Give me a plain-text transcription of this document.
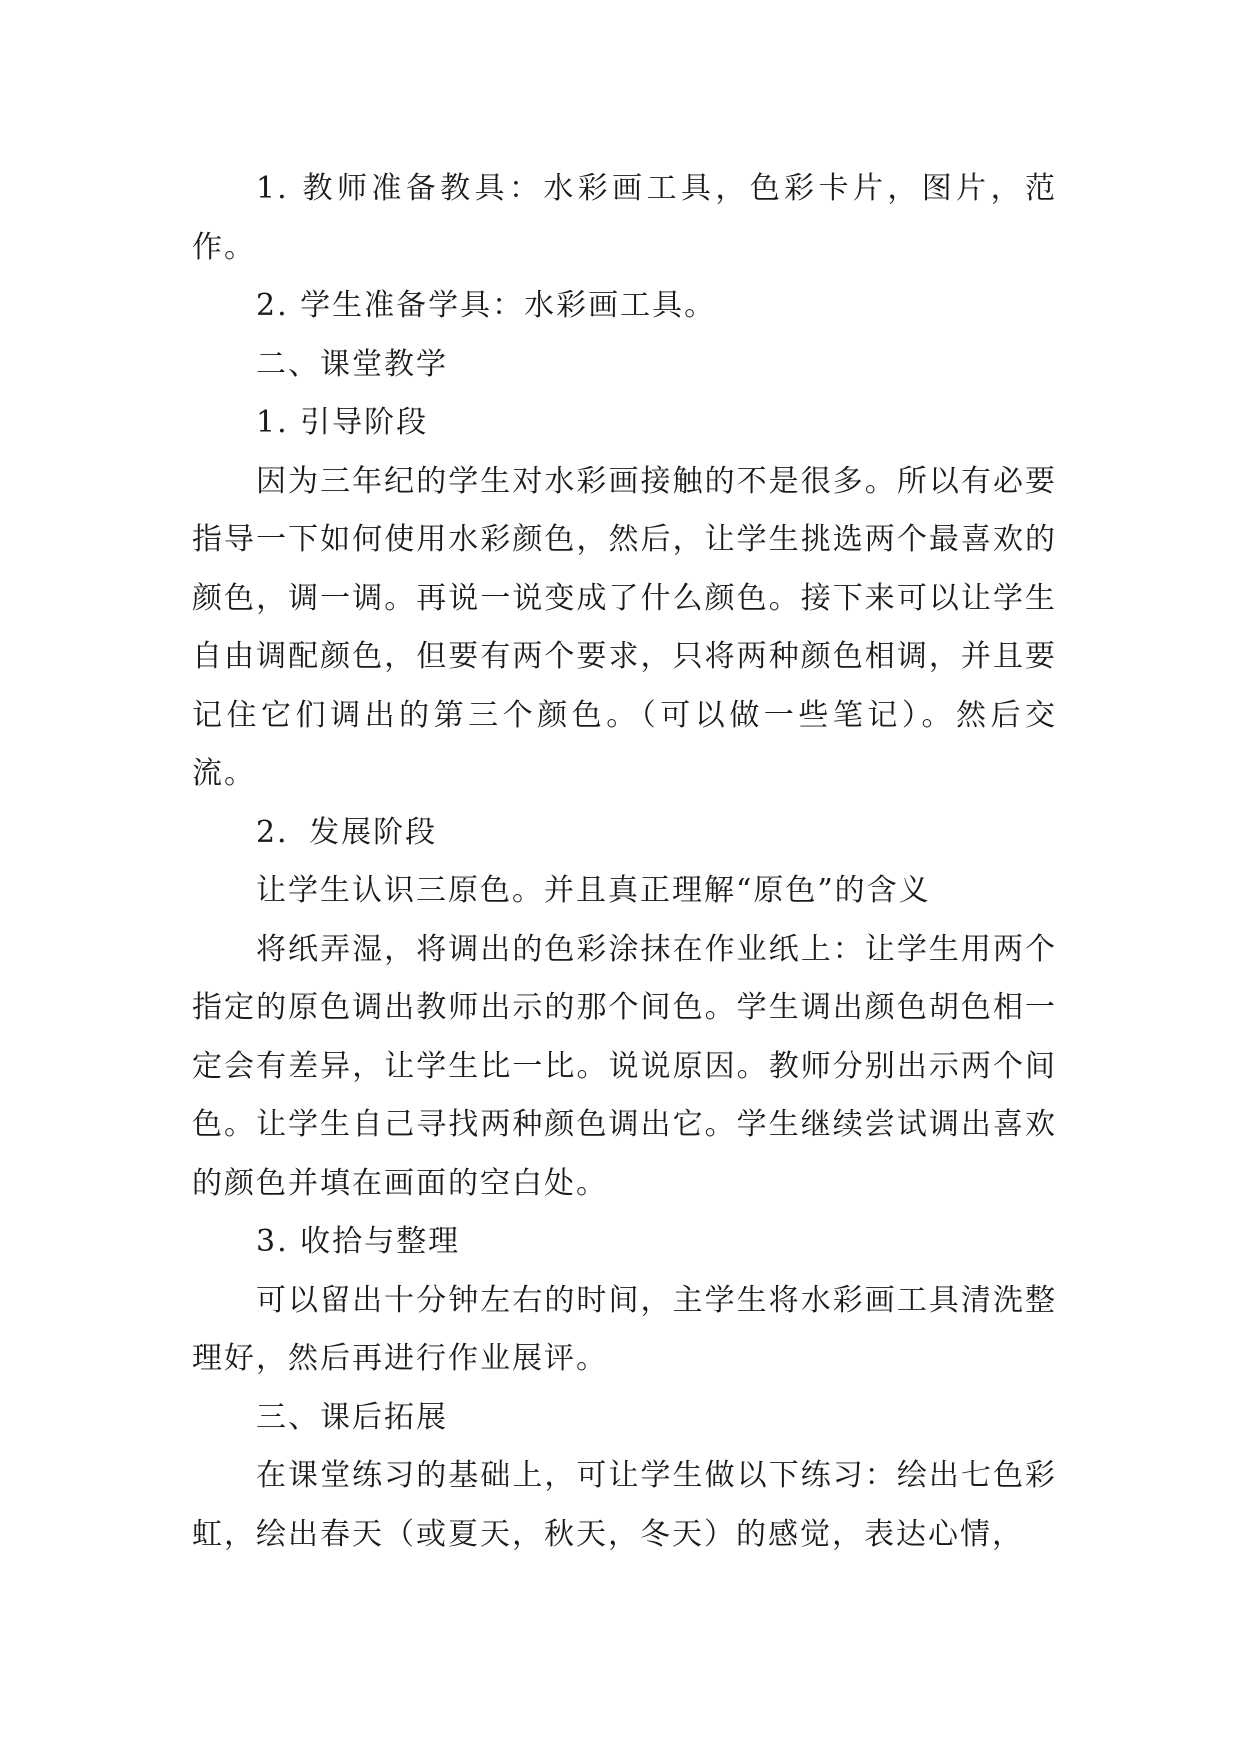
1. 教师准备教具：水彩画工具，色彩卡片，图片，范作。

2. 学生准备学具：水彩画工具。

二、课堂教学

1. 引导阶段

因为三年纪的学生对水彩画接触的不是很多。所以有必要指导一下如何使用水彩颜色，然后，让学生挑选两个最喜欢的颜色，调一调。再说一说变成了什么颜色。接下来可以让学生自由调配颜色，但要有两个要求，只将两种颜色相调，并且要记住它们调出的第三个颜色。（可以做一些笔记）。然后交流。

2．发展阶段

让学生认识三原色。并且真正理解“原色”的含义

将纸弄湿，将调出的色彩涂抹在作业纸上：让学生用两个指定的原色调出教师出示的那个间色。学生调出颜色胡色相一定会有差异，让学生比一比。说说原因。教师分别出示两个间色。让学生自己寻找两种颜色调出它。学生继续尝试调出喜欢的颜色并填在画面的空白处。

3. 收拾与整理

可以留出十分钟左右的时间，主学生将水彩画工具清洗整理好，然后再进行作业展评。

三、课后拓展

在课堂练习的基础上，可让学生做以下练习：绘出七色彩虹，绘出春天（或夏天，秋天，冬天）的感觉，表达心情，
